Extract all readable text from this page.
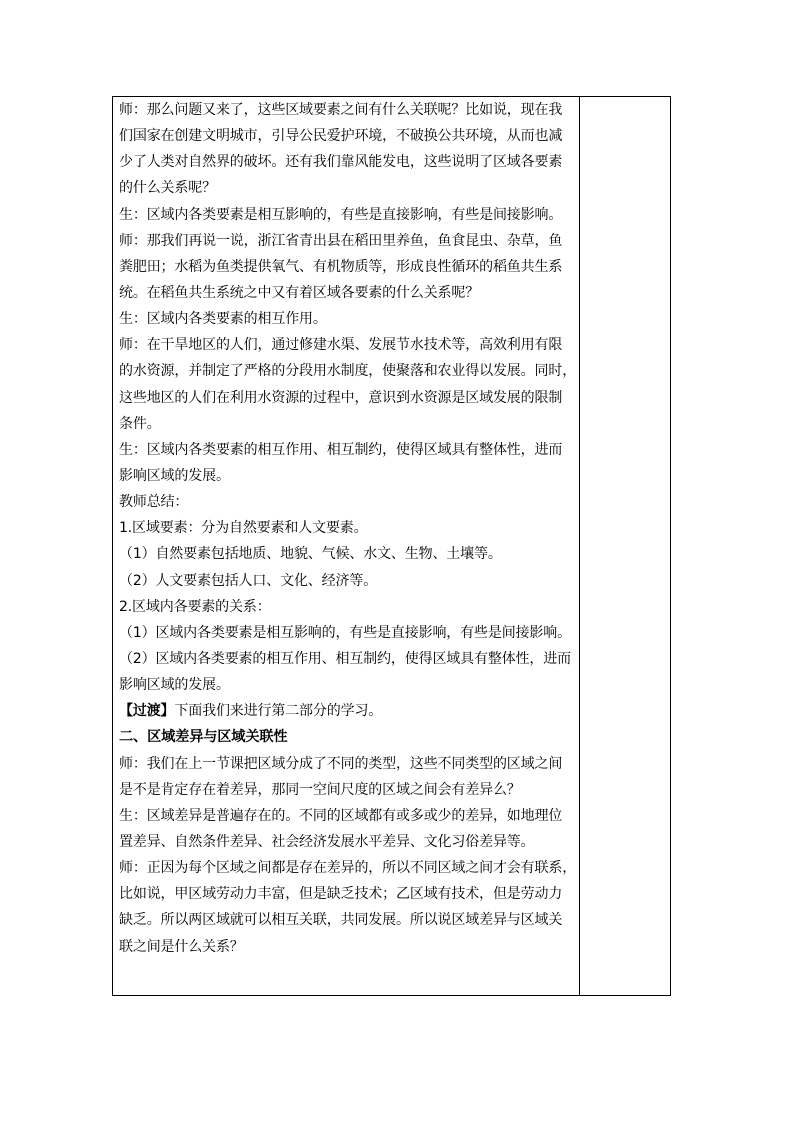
师：那么问题又来了，这些区域要素之间有什么关联呢？比如说，现在我
们国家在创建文明城市，引导公民爱护环境，不破换公共环境，从而也减
少了人类对自然界的破坏。还有我们靠风能发电，这些说明了区域各要素
的什么关系呢？
生：区域内各类要素是相互影响的，有些是直接影响，有些是间接影响。
师：那我们再说一说，浙江省青出县在稻田里养鱼，鱼食昆虫、杂草，鱼
粪肥田；水稻为鱼类提供氧气、有机物质等，形成良性循环的稻鱼共生系
统。在稻鱼共生系统之中又有着区域各要素的什么关系呢？
生：区域内各类要素的相互作用。
师：在干旱地区的人们，通过修建水渠、发展节水技术等，高效利用有限
的水资源，并制定了严格的分段用水制度，使聚落和农业得以发展。同时，
这些地区的人们在利用水资源的过程中，意识到水资源是区域发展的限制
条件。
生：区域内各类要素的相互作用、相互制约，使得区域具有整体性，进而
影响区域的发展。
教师总结：
1.区域要素：分为自然要素和人文要素。
（1）自然要素包括地质、地貌、气候、水文、生物、土壤等。
（2）人文要素包括人口、文化、经济等。
2.区域内各要素的关系：
（1）区域内各类要素是相互影响的，有些是直接影响，有些是间接影响。
（2）区域内各类要素的相互作用、相互制约，使得区域具有整体性，进而
影响区域的发展。
【过渡】下面我们来进行第二部分的学习。
二、区域差异与区域关联性
师：我们在上一节课把区域分成了不同的类型，这些不同类型的区域之间
是不是肯定存在着差异，那同一空间尺度的区域之间会有差异么？
生：区域差异是普遍存在的。不同的区域都有或多或少的差异，如地理位
置差异、自然条件差异、社会经济发展水平差异、文化习俗差异等。
师：正因为每个区域之间都是存在差异的，所以不同区域之间才会有联系，
比如说，甲区域劳动力丰富，但是缺乏技术；乙区域有技术，但是劳动力
缺乏。所以两区域就可以相互关联，共同发展。所以说区域差异与区域关
联之间是什么关系？
